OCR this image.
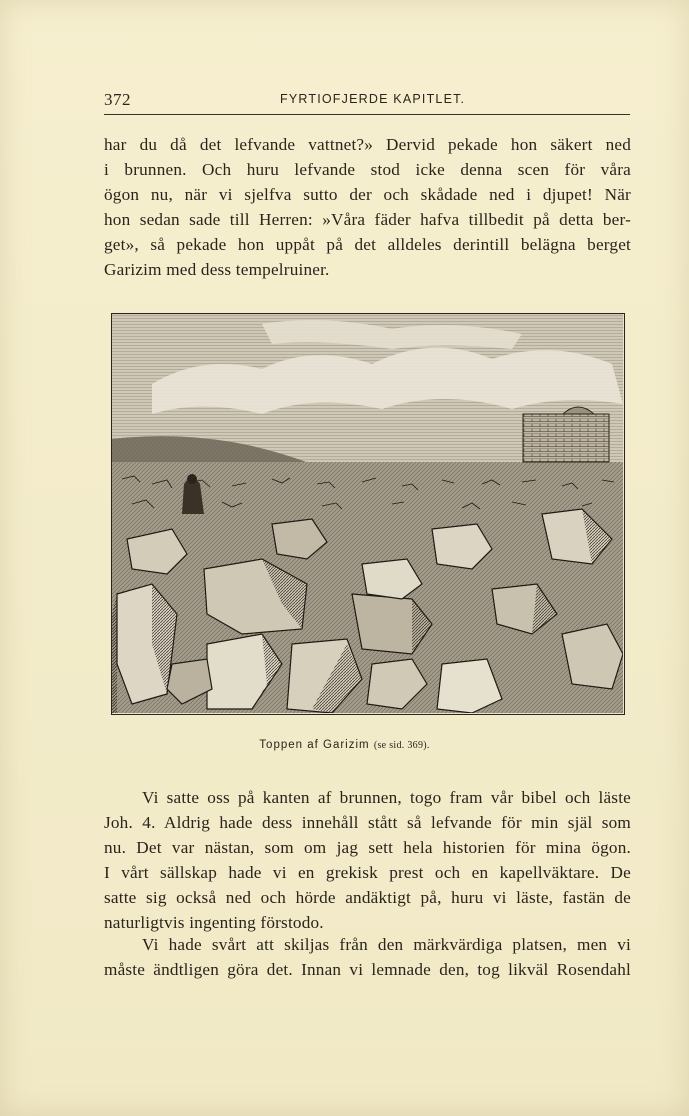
372	FYRTIOFJERDE KAPITLET.
har du då det lefvande vattnet?» Dervid pekade hon säkert ned
i brunnen. Och huru lefvande stod icke denna scen för våra
ögon nu, när vi sjelfva sutto der och skådade ned i djupet! När
hon sedan sade till Herren: »Våra fäder hafva tillbedit på detta ber-
get», så pekade hon uppåt på det alldeles derintill belägna berget
Garizim med dess tempelruiner.
Toppen af Garizim (se sid. 369).
Vi satte oss på kanten af brunnen, togo fram vår bibel och läste
Joh. 4. Aldrig hade dess innehåll stått så lefvande för min själ som
nu. Det var nästan, som om jag sett hela historien för mina ögon.
I vårt sällskap hade vi en grekisk prest och en kapellväktare. De
satte sig också ned och hörde andäktigt på, huru vi läste, fastän de
naturligtvis ingenting förstodo.
Vi hade svårt att skiljas från den märkvärdiga platsen, men vi
måste ändtligen göra det. Innan vi lemnade den, tog likväl Rosendahl
